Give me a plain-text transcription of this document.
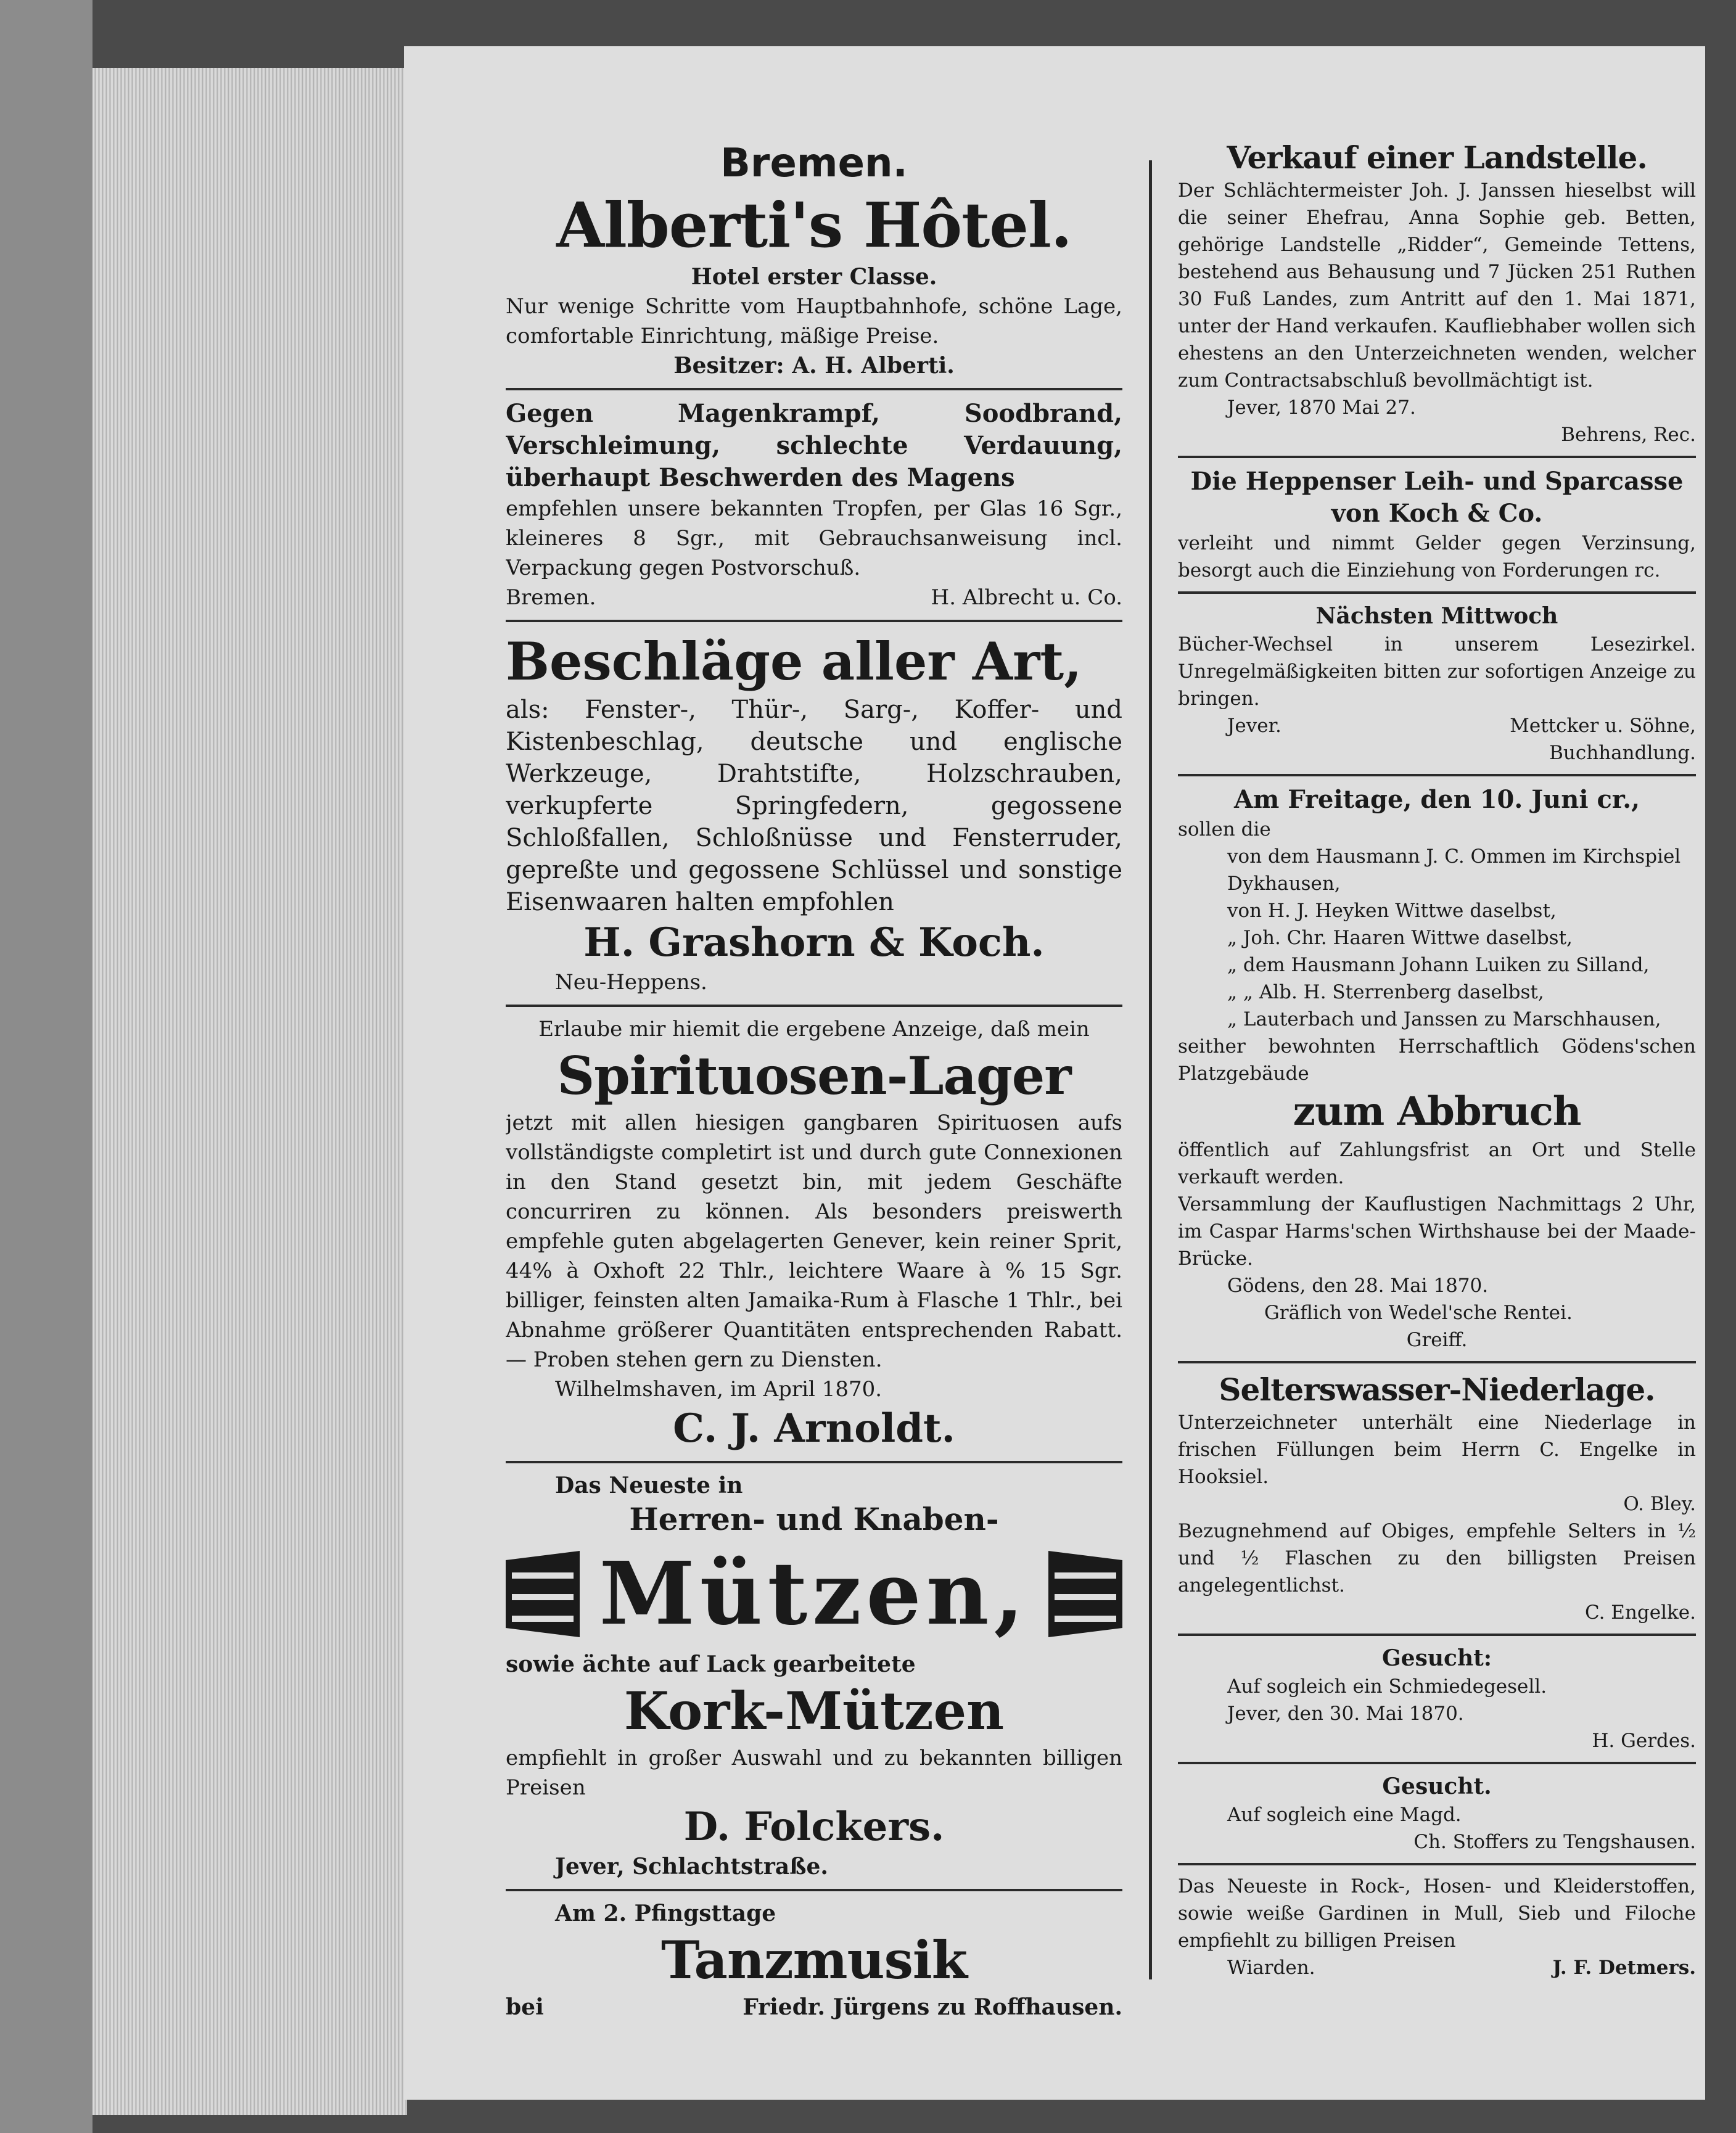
Bremen.
Alberti's Hôtel.
Hotel erster Classe.
Nur wenige Schritte vom Hauptbahnhofe, schöne Lage, comfortable Einrichtung, mäßige Preise.
Besitzer: A. H. Alberti.
Gegen Magenkrampf, Soodbrand, Verschleimung, schlechte Verdauung, überhaupt Beschwerden des Magens
empfehlen unsere bekannten Tropfen, per Glas 16 Sgr., kleineres 8 Sgr., mit Gebrauchsanweisung incl. Verpackung gegen Postvorschuß.
Bremen.	H. Albrecht u. Co.
Beschläge aller Art,
als: Fenster-, Thür-, Sarg-, Koffer- und Kistenbeschlag, deutsche und englische Werkzeuge, Drahtstifte, Holzschrauben, verkupferte Springfedern, gegossene Schloßfallen, Schloßnüsse und Fensterruder, gepreßte und gegossene Schlüssel und sonstige Eisenwaaren halten empfohlen
H. Grashorn & Koch.
Neu-Heppens.
Erlaube mir hiemit die ergebene Anzeige, daß mein
Spirituosen-Lager
jetzt mit allen hiesigen gangbaren Spirituosen aufs vollständigste completirt ist und durch gute Connexionen in den Stand gesetzt bin, mit jedem Geschäfte concurriren zu können. Als besonders preiswerth empfehle guten abgelagerten Genever, kein reiner Sprit, 44% à Oxhoft 22 Thlr., leichtere Waare à % 15 Sgr. billiger, feinsten alten Jamaika-Rum à Flasche 1 Thlr., bei Abnahme größerer Quantitäten entsprechenden Rabatt. — Proben stehen gern zu Diensten.
Wilhelmshaven, im April 1870.
C. J. Arnoldt.
Das Neueste in
Herren- und Knaben-
Mützen,
sowie ächte auf Lack gearbeitete
Kork-Mützen
empfiehlt in großer Auswahl und zu bekannten billigen Preisen
D. Folckers.
Jever, Schlachtstraße.
Am 2. Pfingsttage
Tanzmusik
bei	Friedr. Jürgens zu Roffhausen.
Verkauf einer Landstelle.
Der Schlächtermeister Joh. J. Janssen hieselbst will die seiner Ehefrau, Anna Sophie geb. Betten, gehörige Landstelle „Ridder“, Gemeinde Tettens, bestehend aus Behausung und 7 Jücken 251 Ruthen 30 Fuß Landes, zum Antritt auf den 1. Mai 1871, unter der Hand verkaufen. Kaufliebhaber wollen sich ehestens an den Unterzeichneten wenden, welcher zum Contractsabschluß bevollmächtigt ist.
Jever, 1870 Mai 27.
Behrens, Rec.
Die Heppenser Leih- und Sparcasse
von Koch & Co.
verleiht und nimmt Gelder gegen Verzinsung, besorgt auch die Einziehung von Forderungen rc.
Nächsten Mittwoch
Bücher-Wechsel in unserem Lesezirkel. Unregelmäßigkeiten bitten zur sofortigen Anzeige zu bringen.
Jever.	Mettcker u. Söhne,
Buchhandlung.
Am Freitage, den 10. Juni cr.,
sollen die
von dem Hausmann J. C. Ommen im Kirchspiel Dykhausen,
von H. J. Heyken Wittwe daselbst,
„ Joh. Chr. Haaren Wittwe daselbst,
„ dem Hausmann Johann Luiken zu Silland,
„ „ Alb. H. Sterrenberg daselbst,
„ Lauterbach und Janssen zu Marschhausen,
seither bewohnten Herrschaftlich Gödens'schen Platzgebäude
zum Abbruch
öffentlich auf Zahlungsfrist an Ort und Stelle verkauft werden.
Versammlung der Kauflustigen Nachmittags 2 Uhr, im Caspar Harms'schen Wirthshause bei der Maade-Brücke.
Gödens, den 28. Mai 1870.
Gräflich von Wedel'sche Rentei.
Greiff.
Selterswasser-Niederlage.
Unterzeichneter unterhält eine Niederlage in frischen Füllungen beim Herrn C. Engelke in Hooksiel.
O. Bley.
Bezugnehmend auf Obiges, empfehle Selters in ½ und ½ Flaschen zu den billigsten Preisen angelegentlichst.
C. Engelke.
Gesucht:
Auf sogleich ein Schmiedegesell.
Jever, den 30. Mai 1870.
H. Gerdes.
Gesucht.
Auf sogleich eine Magd.
Ch. Stoffers zu Tengshausen.
Das Neueste in Rock-, Hosen- und Kleiderstoffen, sowie weiße Gardinen in Mull, Sieb und Filoche empfiehlt zu billigen Preisen
Wiarden.	J. F. Detmers.
